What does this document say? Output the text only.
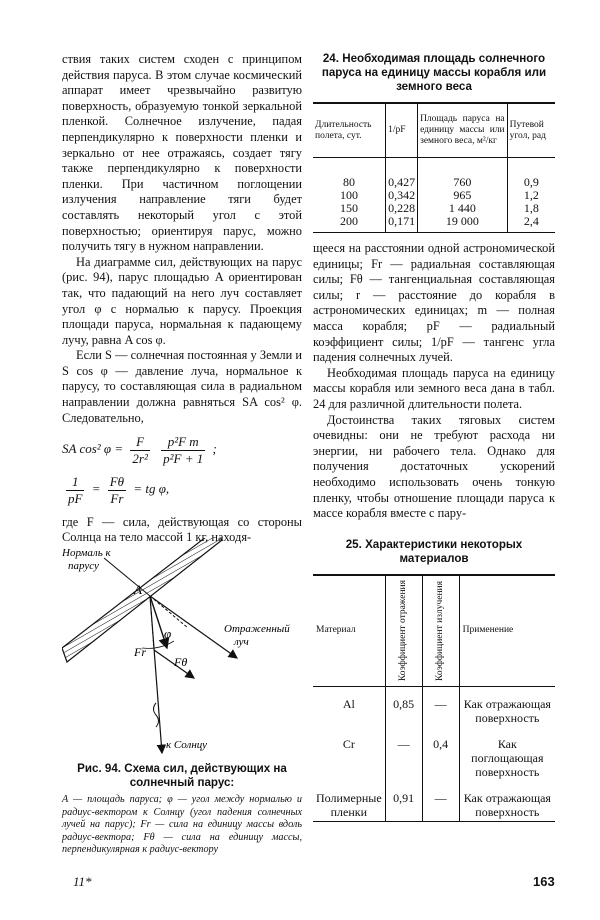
ствия таких систем сходен с принципом действия паруса. В этом случае космический аппарат имеет чрезвычайно развитую поверхность, образуемую тонкой зеркальной пленкой. Солнечное излучение, падая перпендикулярно к поверхности пленки и зеркально от нее отражаясь, создает тягу также перпендикулярно к поверхности пленки. При частичном поглощении излучения направление тяги будет составлять некоторый угол с этой поверхностью; ориентируя парус, можно получить тягу в нужном направлении.

На диаграмме сил, действующих на парус (рис. 94), парус площадью A ориентирован так, что падающий на него луч составляет угол φ с нормалью к парусу. Проекция площади паруса, нормальная к падающему лучу, равна A cos φ.

Если S — солнечная постоянная у Земли и S cos φ — давление луча, нормальное к парусу, то составляющая сила в радиальном направлении должна равняться SA cos² φ. Следовательно,

SA cos² $\varphi = \frac{F}{\text{2r²}}$
$\frac{\text{p²F m}}{\text{p²F + 1}}$ ;
$\frac{1}{pF} = \frac{F\theta}{Fr}$ = tg φ,

где F — сила, действующая со стороны Солнца на тело массой 1 кг, находя-

Нормаль к парусу
A
φ
Fr
Fθ
Отраженный луч
к Солнцу
Рис. 94. Схема сил, действующих на солнечный парус:
A — площадь паруса; φ — угол между нормалью и радиус-вектором к Солнцу (угол падения солнечных лучей на парус); Fr — сила на единицу массы вдоль радиус-вектора; Fθ — сила на единицу массы, перпендикулярная к радиус-вектору
24. Необходимая площадь солнечного паруса на единицу массы корабля или земного веса
Длительность полета, сут.	1/pF	Площадь паруса на единицу массы или земного веса, м²/кг	Путевой угол, рад
80	0,427	760	0,9
100	0,342	965	1,2
150	0,228	1 440	1,8
200	0,171	19 000	2,4

щееся на расстоянии одной астрономической единицы; Fr — радиальная составляющая силы; Fθ — тангенциальная составляющая силы; r — расстояние до корабля в астрономических единицах; m — полная масса корабля; pF — радиальный коэффициент силы; 1/pF — тангенс угла падения солнечных лучей.

Необходимая площадь паруса на единицу массы корабля или земного веса дана в табл. 24 для различной длительности полета.

Достоинства таких тяговых систем очевидны: они не требуют расхода ни энергии, ни рабочего тела. Однако для получения достаточных ускорений необходимо использовать очень тонкую пленку, чтобы отношение площади паруса к массе корабля вместе с пару-

25. Характеристики некоторых материалов
Материал	Коэффициент отражения	Коэффициент излучения	Применение
Al	0,85	—	Как отражающая поверхность
Cr	—	0,4	Как поглощающая поверхность
Полимерные пленки	0,91	—	Как отражающая поверхность
11*	163
